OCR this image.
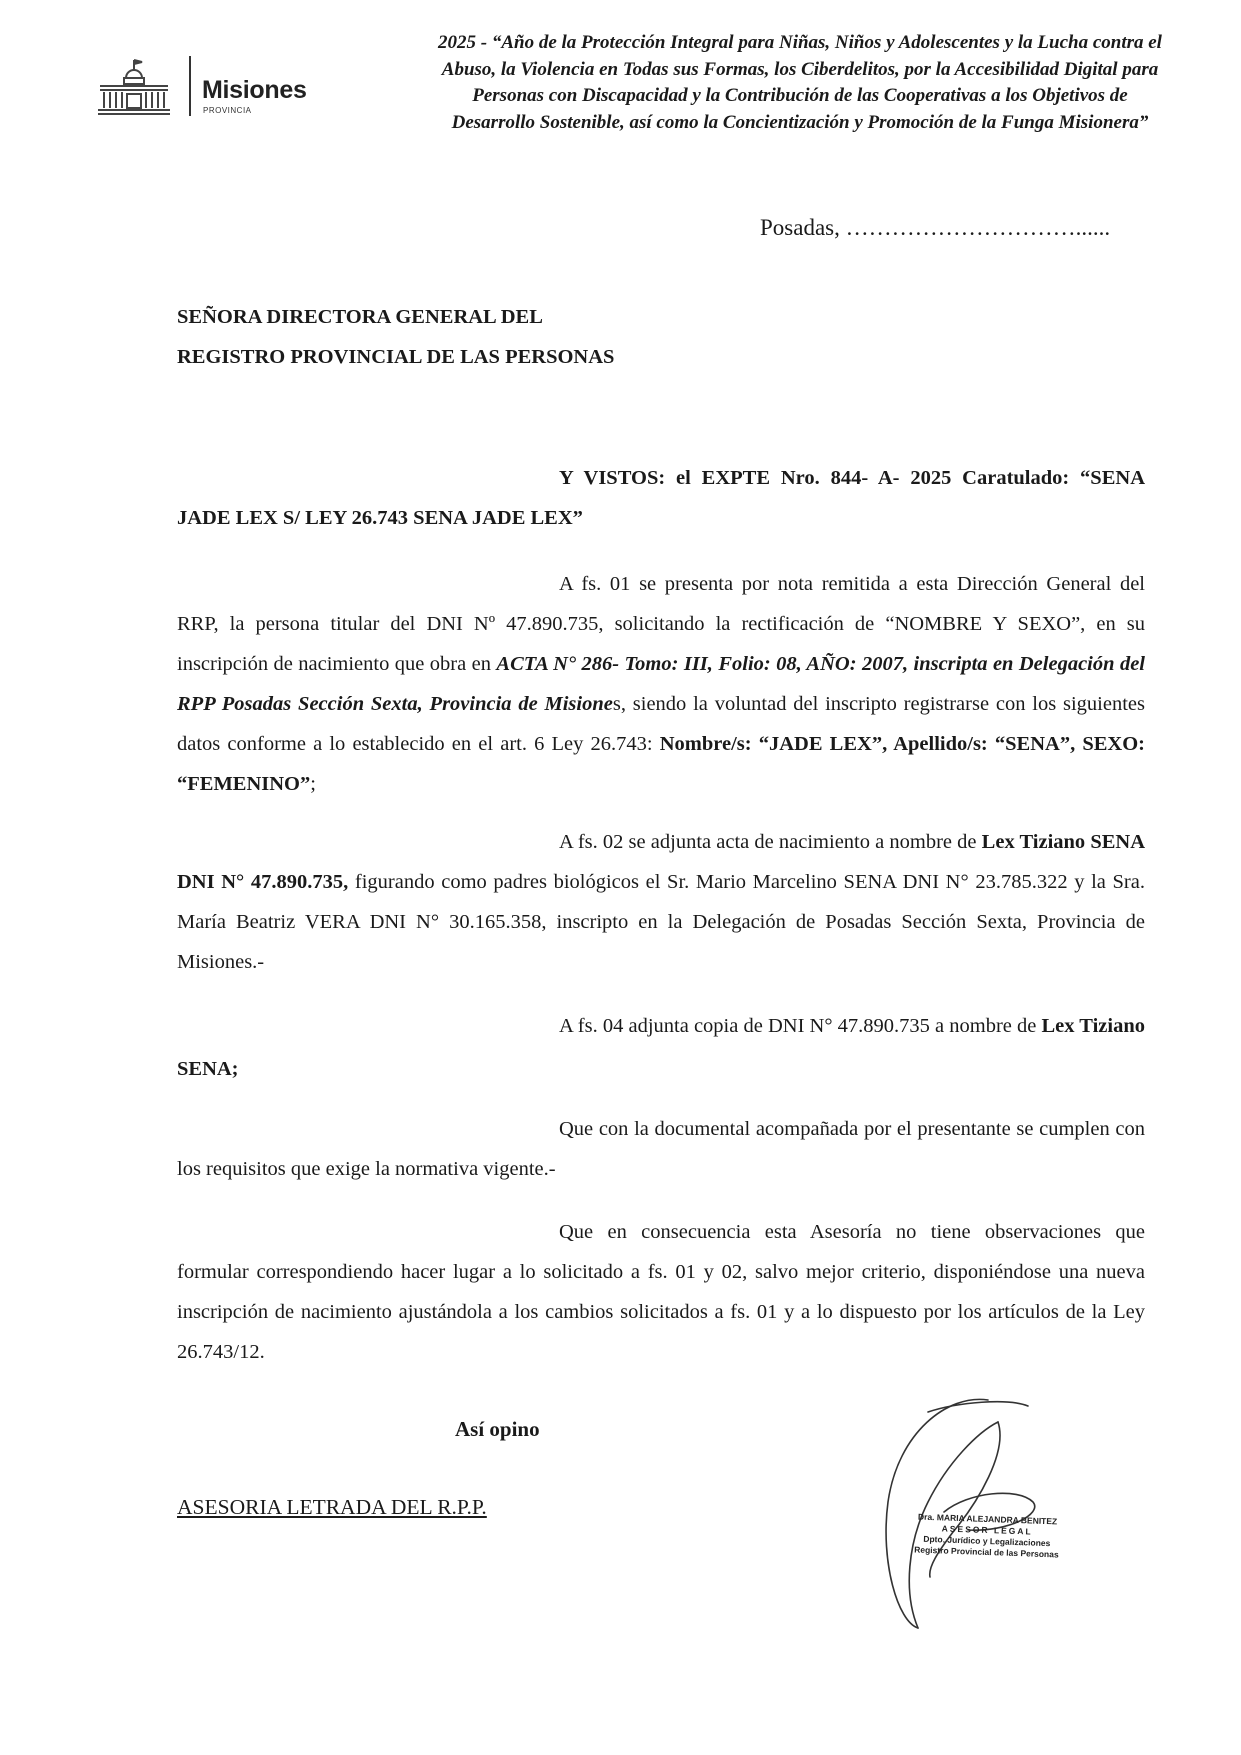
Misiones
PROVINCIA
2025 - “Año de la Protección Integral para Niñas, Niños y Adolescentes y la Lucha contra el Abuso, la Violencia en Todas sus Formas, los Ciberdelitos, por la Accesibilidad Digital para Personas con Discapacidad y la Contribución de las Cooperativas a los Objetivos de Desarrollo Sostenible, así como la Concientización y Promoción de la Funga Misionera”
Posadas, …………………………......
SEÑORA DIRECTORA GENERAL DEL
REGISTRO PROVINCIAL DE LAS PERSONAS

Y VISTOS: el EXPTE Nro. 844- A- 2025 Caratulado: “SENA JADE LEX S/ LEY 26.743 SENA JADE LEX”

A fs. 01 se presenta por nota remitida a esta Dirección General del RRP, la persona titular del DNI Nº 47.890.735, solicitando la rectificación de “NOMBRE Y SEXO”, en su inscripción de nacimiento que obra en ACTA N° 286- Tomo: III, Folio: 08, AÑO: 2007, inscripta en Delegación del RPP Posadas Sección Sexta, Provincia de Misiones, siendo la voluntad del inscripto registrarse con los siguientes datos conforme a lo establecido en el art. 6 Ley 26.743: Nombre/s: “JADE LEX”, Apellido/s: “SENA”, SEXO: “FEMENINO”;

A fs. 02 se adjunta acta de nacimiento a nombre de Lex Tiziano SENA DNI N° 47.890.735, figurando como padres biológicos el Sr. Mario Marcelino SENA DNI N° 23.785.322 y la Sra. María Beatriz VERA DNI N° 30.165.358, inscripto en la Delegación de Posadas Sección Sexta, Provincia de Misiones.-

A fs. 04 adjunta copia de DNI N° 47.890.735 a nombre de Lex Tiziano SENA;

Que con la documental acompañada por el presentante se cumplen con los requisitos que exige la normativa vigente.-

Que en consecuencia esta Asesoría no tiene observaciones que formular correspondiendo hacer lugar a lo solicitado a fs. 01 y 02, salvo mejor criterio, disponiéndose una nueva inscripción de nacimiento ajustándola a los cambios solicitados a fs. 01 y a lo dispuesto por los artículos de la Ley 26.743/12.

Así opino
ASESORIA LETRADA DEL R.P.P.
Dra. MARIA ALEJANDRA BENITEZ
ASESOR LEGAL
Dpto. Jurídico y Legalizaciones
Registro Provincial de las Personas
